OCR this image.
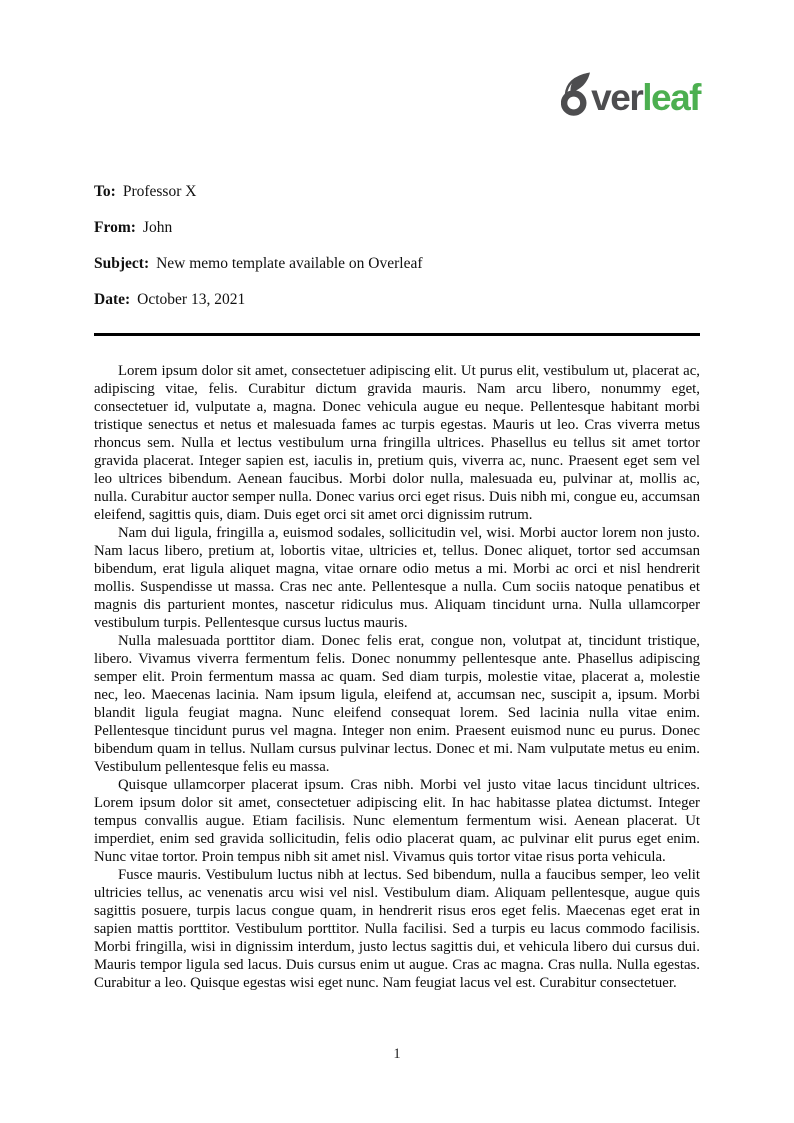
ver leaf
To: Professor X
From: John
Subject: New memo template available on Overleaf
Date: October 13, 2021

Lorem ipsum dolor sit amet, consectetuer adipiscing elit. Ut purus elit, vestibulum ut, placerat ac, adipiscing vitae, felis. Curabitur dictum gravida mauris. Nam arcu libero, nonummy eget, consectetuer id, vulputate a, magna. Donec vehicula augue eu neque. Pellentesque habitant morbi tristique senectus et netus et malesuada fames ac turpis egestas. Mauris ut leo. Cras viverra metus rhoncus sem. Nulla et lectus vestibulum urna fringilla ultrices. Phasellus eu tellus sit amet tortor gravida placerat. Integer sapien est, iaculis in, pretium quis, viverra ac, nunc. Praesent eget sem vel leo ultrices bibendum. Aenean faucibus. Morbi dolor nulla, malesuada eu, pulvinar at, mollis ac, nulla. Curabitur auctor semper nulla. Donec varius orci eget risus. Duis nibh mi, congue eu, accumsan eleifend, sagittis quis, diam. Duis eget orci sit amet orci dignissim rutrum.

Nam dui ligula, fringilla a, euismod sodales, sollicitudin vel, wisi. Morbi auctor lorem non justo. Nam lacus libero, pretium at, lobortis vitae, ultricies et, tellus. Donec aliquet, tortor sed accumsan bibendum, erat ligula aliquet magna, vitae ornare odio metus a mi. Morbi ac orci et nisl hendrerit mollis. Suspendisse ut massa. Cras nec ante. Pellentesque a nulla. Cum sociis natoque penatibus et magnis dis parturient montes, nascetur ridiculus mus. Aliquam tincidunt urna. Nulla ullamcorper vestibulum turpis. Pellentesque cursus luctus mauris.

Nulla malesuada porttitor diam. Donec felis erat, congue non, volutpat at, tincidunt tristique, libero. Vivamus viverra fermentum felis. Donec nonummy pellentesque ante. Phasellus adipiscing semper elit. Proin fermentum massa ac quam. Sed diam turpis, molestie vitae, placerat a, molestie nec, leo. Maecenas lacinia. Nam ipsum ligula, eleifend at, accumsan nec, suscipit a, ipsum. Morbi blandit ligula feugiat magna. Nunc eleifend consequat lorem. Sed lacinia nulla vitae enim. Pellentesque tincidunt purus vel magna. Integer non enim. Praesent euismod nunc eu purus. Donec bibendum quam in tellus. Nullam cursus pulvinar lectus. Donec et mi. Nam vulputate metus eu enim. Vestibulum pellentesque felis eu massa.

Quisque ullamcorper placerat ipsum. Cras nibh. Morbi vel justo vitae lacus tincidunt ultrices. Lorem ipsum dolor sit amet, consectetuer adipiscing elit. In hac habitasse platea dictumst. Integer tempus convallis augue. Etiam facilisis. Nunc elementum fermentum wisi. Aenean placerat. Ut imperdiet, enim sed gravida sollicitudin, felis odio placerat quam, ac pulvinar elit purus eget enim. Nunc vitae tortor. Proin tempus nibh sit amet nisl. Vivamus quis tortor vitae risus porta vehicula.

Fusce mauris. Vestibulum luctus nibh at lectus. Sed bibendum, nulla a faucibus semper, leo velit ultricies tellus, ac venenatis arcu wisi vel nisl. Vestibulum diam. Aliquam pellentesque, augue quis sagittis posuere, turpis lacus congue quam, in hendrerit risus eros eget felis. Maecenas eget erat in sapien mattis porttitor. Vestibulum porttitor. Nulla facilisi. Sed a turpis eu lacus commodo facilisis. Morbi fringilla, wisi in dignissim interdum, justo lectus sagittis dui, et vehicula libero dui cursus dui. Mauris tempor ligula sed lacus. Duis cursus enim ut augue. Cras ac magna. Cras nulla. Nulla egestas. Curabitur a leo. Quisque egestas wisi eget nunc. Nam feugiat lacus vel est. Curabitur consectetuer.

1
